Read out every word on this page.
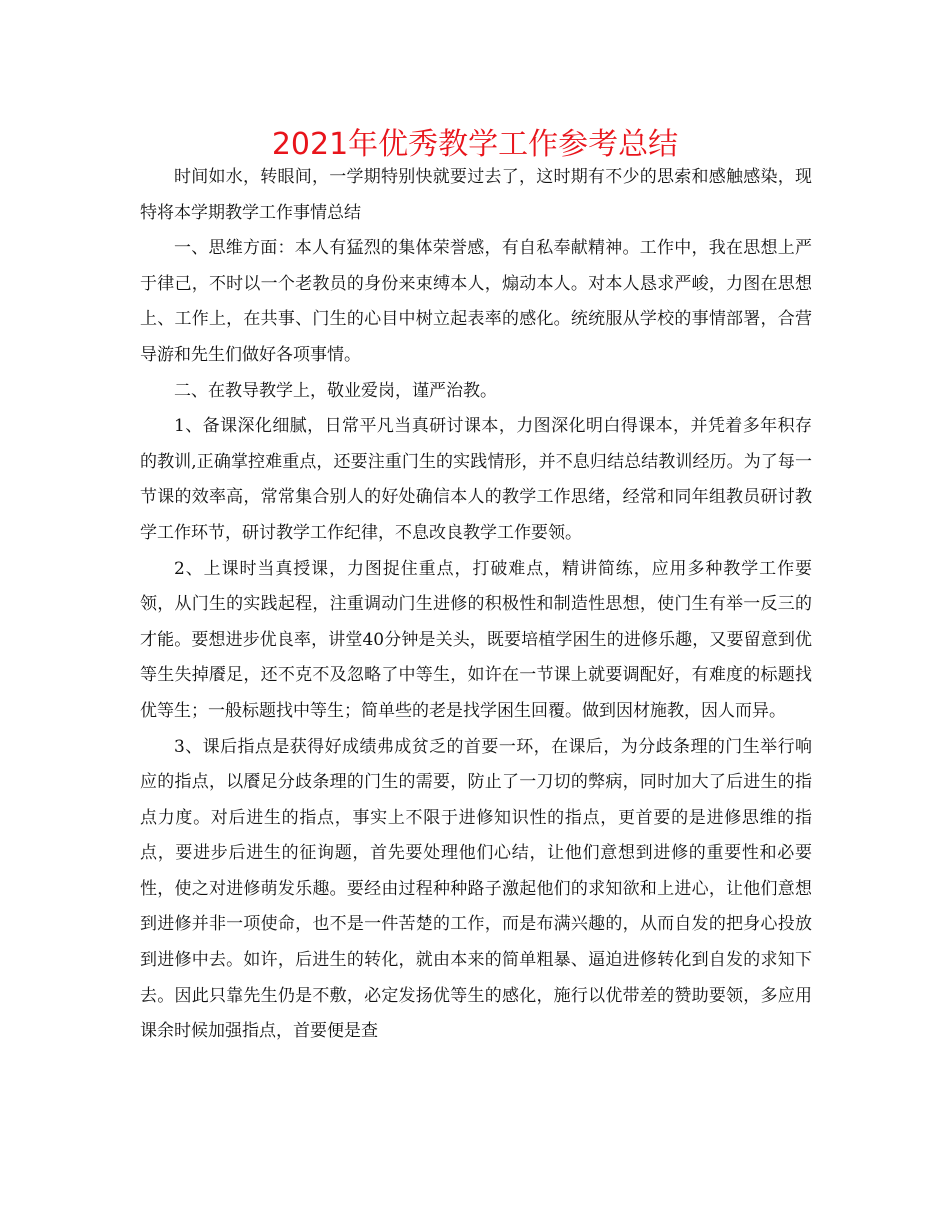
2021年优秀教学工作参考总结

时间如水，转眼间，一学期特别快就要过去了，这时期有不少的思索和感触感染，现特将本学期教学工作事情总结

一、思维方面：本人有猛烈的集体荣誉感，有自私奉献精神。工作中，我在思想上严于律己，不时以一个老教员的身份来束缚本人，煽动本人。对本人恳求严峻，力图在思想上、工作上，在共事、门生的心目中树立起表率的感化。统统服从学校的事情部署，合营导游和先生们做好各项事情。

二、在教导教学上，敬业爱岗，谨严治教。

1、备课深化细腻，日常平凡当真研讨课本，力图深化明白得课本，并凭着多年积存的教训,正确掌控难重点，还要注重门生的实践情形，并不息归结总结教训经历。为了每一节课的效率高，常常集合别人的好处确信本人的教学工作思绪，经常和同年组教员研讨教学工作环节，研讨教学工作纪律，不息改良教学工作要领。

2、上课时当真授课，力图捉住重点，打破难点，精讲简练，应用多种教学工作要领，从门生的实践起程，注重调动门生进修的积极性和制造性思想，使门生有举一反三的才能。要想进步优良率，讲堂40分钟是关头，既要培植学困生的进修乐趣，又要留意到优等生失掉餍足，还不克不及忽略了中等生，如许在一节课上就要调配好，有难度的标题找优等生；一般标题找中等生；简单些的老是找学困生回覆。做到因材施教，因人而异。

3、课后指点是获得好成绩弗成贫乏的首要一环，在课后，为分歧条理的门生举行响应的指点，以餍足分歧条理的门生的需要，防止了一刀切的弊病，同时加大了后进生的指点力度。对后进生的指点，事实上不限于进修知识性的指点，更首要的是进修思维的指点，要进步后进生的征询题，首先要处理他们心结，让他们意想到进修的重要性和必要性，使之对进修萌发乐趣。要经由过程种种路子激起他们的求知欲和上进心，让他们意想到进修并非一项使命，也不是一件苦楚的工作，而是布满兴趣的，从而自发的把身心投放到进修中去。如许，后进生的转化，就由本来的简单粗暴、逼迫进修转化到自发的求知下去。因此只靠先生仍是不敷，必定发扬优等生的感化，施行以优带差的赞助要领，多应用课余时候加强指点，首要便是查
